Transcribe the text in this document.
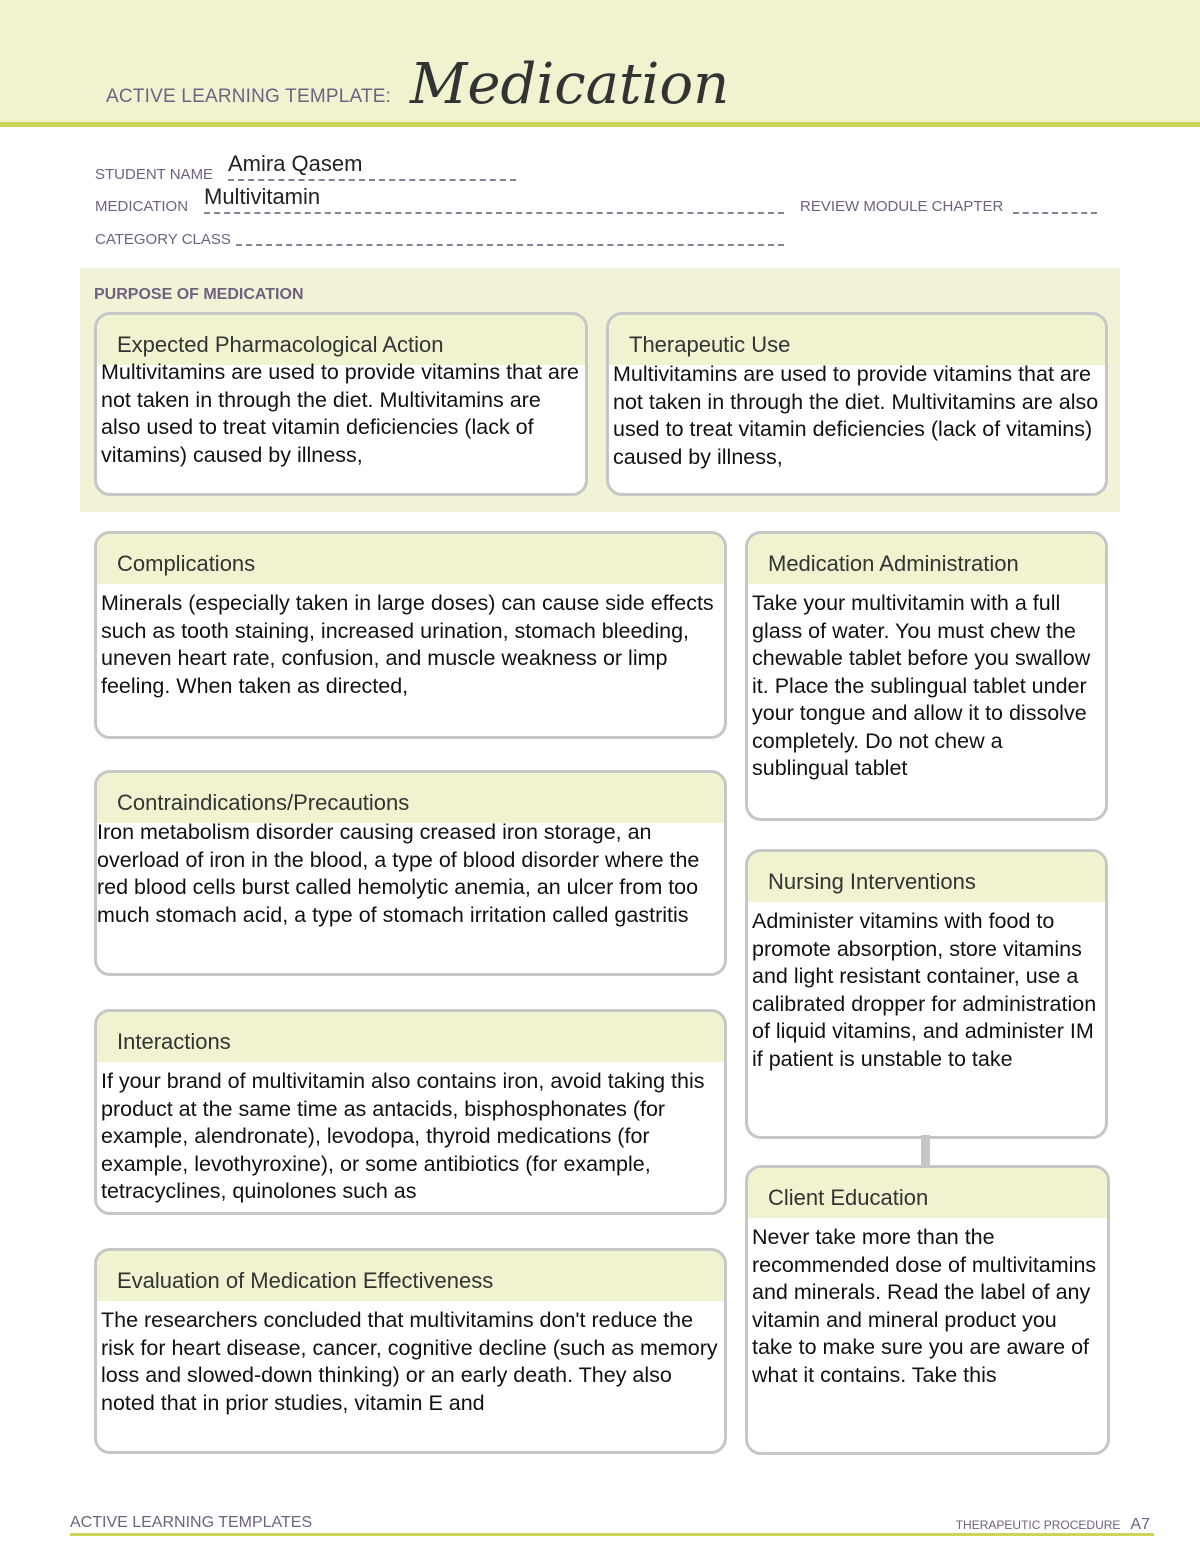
ACTIVE LEARNING TEMPLATE: Medication
STUDENT NAME Amira Qasem
MEDICATION Multivitamin	REVIEW MODULE CHAPTER
CATEGORY CLASS
PURPOSE OF MEDICATION
Expected Pharmacological Action
Multivitamins are used to provide vitamins that are not taken in through the diet. Multivitamins are also used to treat vitamin deficiencies (lack of vitamins) caused by illness,
Therapeutic Use
Multivitamins are used to provide vitamins that are not taken in through the diet. Multivitamins are also used to treat vitamin deficiencies (lack of vitamins) caused by illness,
Complications
Minerals (especially taken in large doses) can cause side effects such as tooth staining, increased urination, stomach bleeding, uneven heart rate, confusion, and muscle weakness or limp feeling. When taken as directed,
Medication Administration
Take your multivitamin with a full glass of water. You must chew the chewable tablet before you swallow it. Place the sublingual tablet under your tongue and allow it to dissolve completely. Do not chew a sublingual tablet
Contraindications/Precautions
Iron metabolism disorder causing creased iron storage, an overload of iron in the blood, a type of blood disorder where the red blood cells burst called hemolytic anemia, an ulcer from too much stomach acid, a type of stomach irritation called gastritis
Nursing Interventions
Administer vitamins with food to promote absorption, store vitamins and light resistant container, use a calibrated dropper for administration of liquid vitamins, and administer IM if patient is unstable to take
Interactions
If your brand of multivitamin also contains iron, avoid taking this product at the same time as antacids, bisphosphonates (for example, alendronate), levodopa, thyroid medications (for example, levothyroxine), or some antibiotics (for example, tetracyclines, quinolones such as	Client Education
Never take more than the recommended dose of multivitamins and minerals. Read the label of any vitamin and mineral product you take to make sure you are aware of what it contains. Take this
Evaluation of Medication Effectiveness
The researchers concluded that multivitamins don't reduce the risk for heart disease, cancer, cognitive decline (such as memory loss and slowed-down thinking) or an early death. They also noted that in prior studies, vitamin E and
ACTIVE LEARNING TEMPLATES	THERAPEUTIC PROCEDURE A7
